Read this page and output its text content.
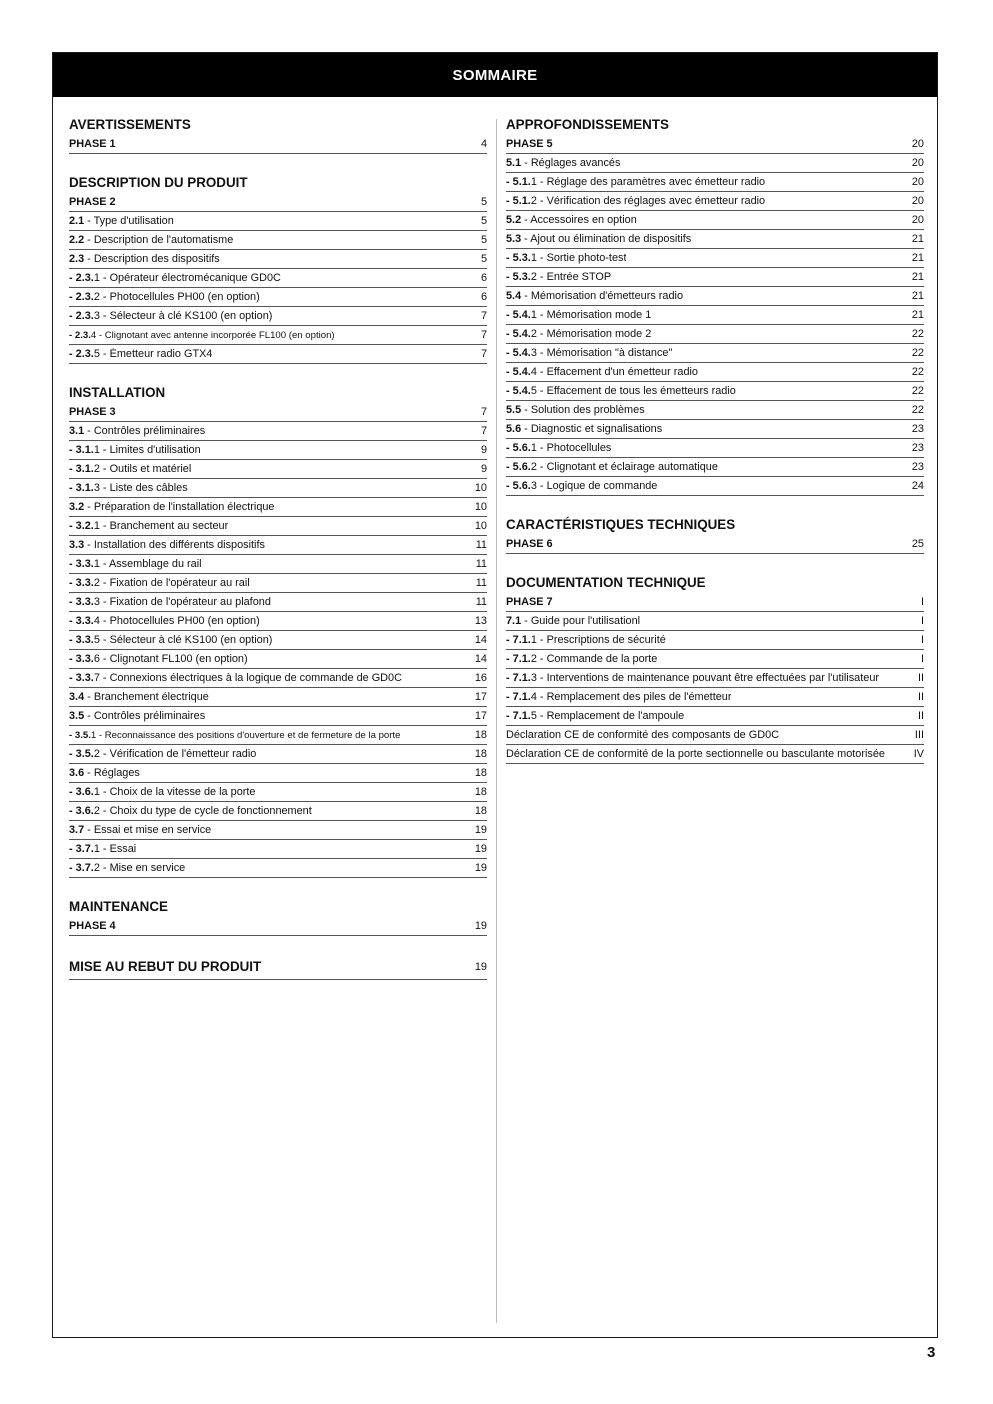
SOMMAIRE
AVERTISSEMENTS
PHASE 1	4
DESCRIPTION DU PRODUIT
PHASE 2	5
2.1 - Type d'utilisation	5
2.2 - Description de l'automatisme	5
2.3 - Description des dispositifs	5
- 2.3.1 - Opérateur électromécanique GD0C	6
- 2.3.2 - Photocellules PH00 (en option)	6
- 2.3.3 - Sélecteur à clé KS100 (en option)	7
- 2.3.4 - Clignotant avec antenne incorporée FL100 (en option)	7
- 2.3.5 - Émetteur radio GTX4	7
INSTALLATION
PHASE 3	7
3.1 - Contrôles préliminaires	7
- 3.1.1 - Limites d'utilisation	9
- 3.1.2 - Outils et matériel	9
- 3.1.3 - Liste des câbles	10
3.2 - Préparation de l'installation électrique	10
- 3.2.1 - Branchement au secteur	10
3.3 - Installation des différents dispositifs	11
- 3.3.1 - Assemblage du rail	11
- 3.3.2 - Fixation de l'opérateur au rail	11
- 3.3.3 - Fixation de l'opérateur au plafond	11
- 3.3.4 - Photocellules PH00 (en option)	13
- 3.3.5 - Sélecteur à clé KS100 (en option)	14
- 3.3.6 - Clignotant FL100 (en option)	14
- 3.3.7 - Connexions électriques à la logique de commande de GD0C	16
3.4 - Branchement électrique	17
3.5 - Contrôles préliminaires	17
- 3.5.1 - Reconnaissance des positions d'ouverture et de fermeture de la porte	18
- 3.5.2 - Vérification de l'émetteur radio	18
3.6 - Réglages	18
- 3.6.1 - Choix de la vitesse de la porte	18
- 3.6.2 - Choix du type de cycle de fonctionnement	18
3.7 - Essai et mise en service	19
- 3.7.1 - Essai	19
- 3.7.2 - Mise en service	19
MAINTENANCE
PHASE 4	19
MISE AU REBUT DU PRODUIT	19
APPROFONDISSEMENTS
PHASE 5	20
5.1 - Réglages avancés	20
- 5.1.1 - Réglage des paramètres avec émetteur radio	20
- 5.1.2 - Vérification des réglages avec émetteur radio	20
5.2 - Accessoires en option	20
5.3 - Ajout ou élimination de dispositifs	21
- 5.3.1 - Sortie photo-test	21
- 5.3.2 - Entrée STOP	21
5.4 - Mémorisation d'émetteurs radio	21
- 5.4.1 - Mémorisation mode 1	21
- 5.4.2 - Mémorisation mode 2	22
- 5.4.3 - Mémorisation "à distance"	22
- 5.4.4 - Effacement d'un émetteur radio	22
- 5.4.5 - Effacement de tous les émetteurs radio	22
5.5 - Solution des problèmes	22
5.6 - Diagnostic et signalisations	23
- 5.6.1 - Photocellules	23
- 5.6.2 - Clignotant et éclairage automatique	23
- 5.6.3 - Logique de commande	24
CARACTÉRISTIQUES TECHNIQUES
PHASE 6	25
DOCUMENTATION TECHNIQUE
PHASE 7	I
7.1 - Guide pour l'utilisationl	I
- 7.1.1 - Prescriptions de sécurité	I
- 7.1.2 - Commande de la porte	I
- 7.1.3 - Interventions de maintenance pouvant être effectuées par l'utilisateur	II
- 7.1.4 - Remplacement des piles de l'émetteur	II
- 7.1.5 - Remplacement de l'ampoule	II
Déclaration CE de conformité des composants de GD0C	III
Déclaration CE de conformité de la porte sectionnelle ou basculante motorisée	IV
3
